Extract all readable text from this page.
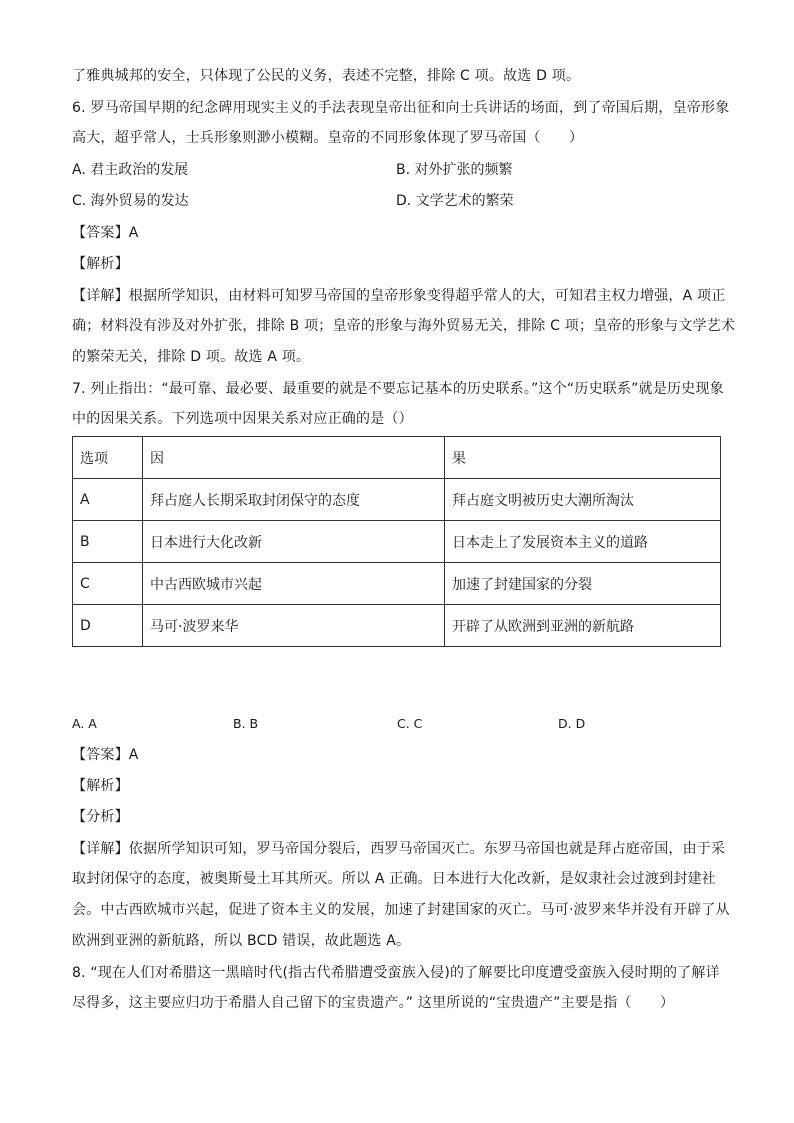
了雅典城邦的安全，只体现了公民的义务，表述不完整，排除 C 项。故选 D 项。
6. 罗马帝国早期的纪念碑用现实主义的手法表现皇帝出征和向士兵讲话的场面，到了帝国后期，皇帝形象
高大，超乎常人，士兵形象则渺小模糊。皇帝的不同形象体现了罗马帝国（　　）
A. 君主政治的发展	B. 对外扩张的频繁
C. 海外贸易的发达	D. 文学艺术的繁荣
【答案】A
【解析】
【详解】根据所学知识，由材料可知罗马帝国的皇帝形象变得超乎常人的大，可知君主权力增强，A 项正
确；材料没有涉及对外扩张，排除 B 项；皇帝的形象与海外贸易无关，排除 C 项；皇帝的形象与文学艺术
的繁荣无关，排除 D 项。故选 A 项。
7. 列止指出：“最可靠、最必要、最重要的就是不要忘记基本的历史联系。”这个“历史联系”就是历史现象
中的因果关系。下列选项中因果关系对应正确的是（）
选项	因	果
A	拜占庭人长期采取封闭保守的态度	拜占庭文明被历史大潮所淘汰
B	日本进行大化改新	日本走上了发展资本主义的道路
C	中古西欧城市兴起	加速了封建国家的分裂
D	马可·波罗来华	开辟了从欧洲到亚洲的新航路
A. A	B. B	C. C	D. D
【答案】A
【解析】
【分析】
【详解】依据所学知识可知，罗马帝国分裂后，西罗马帝国灭亡。东罗马帝国也就是拜占庭帝国，由于采
取封闭保守的态度，被奥斯曼土耳其所灭。所以 A 正确。日本进行大化改新，是奴隶社会过渡到封建社
会。中古西欧城市兴起，促进了资本主义的发展，加速了封建国家的灭亡。马可·波罗来华并没有开辟了从
欧洲到亚洲的新航路，所以 BCD 错误，故此题选 A。
8. “现在人们对希腊这一黑暗时代(指古代希腊遭受蛮族入侵)的了解要比印度遭受蛮族入侵时期的了解详
尽得多，这主要应归功于希腊人自己留下的宝贵遗产。” 这里所说的“宝贵遗产”主要是指（　　）
